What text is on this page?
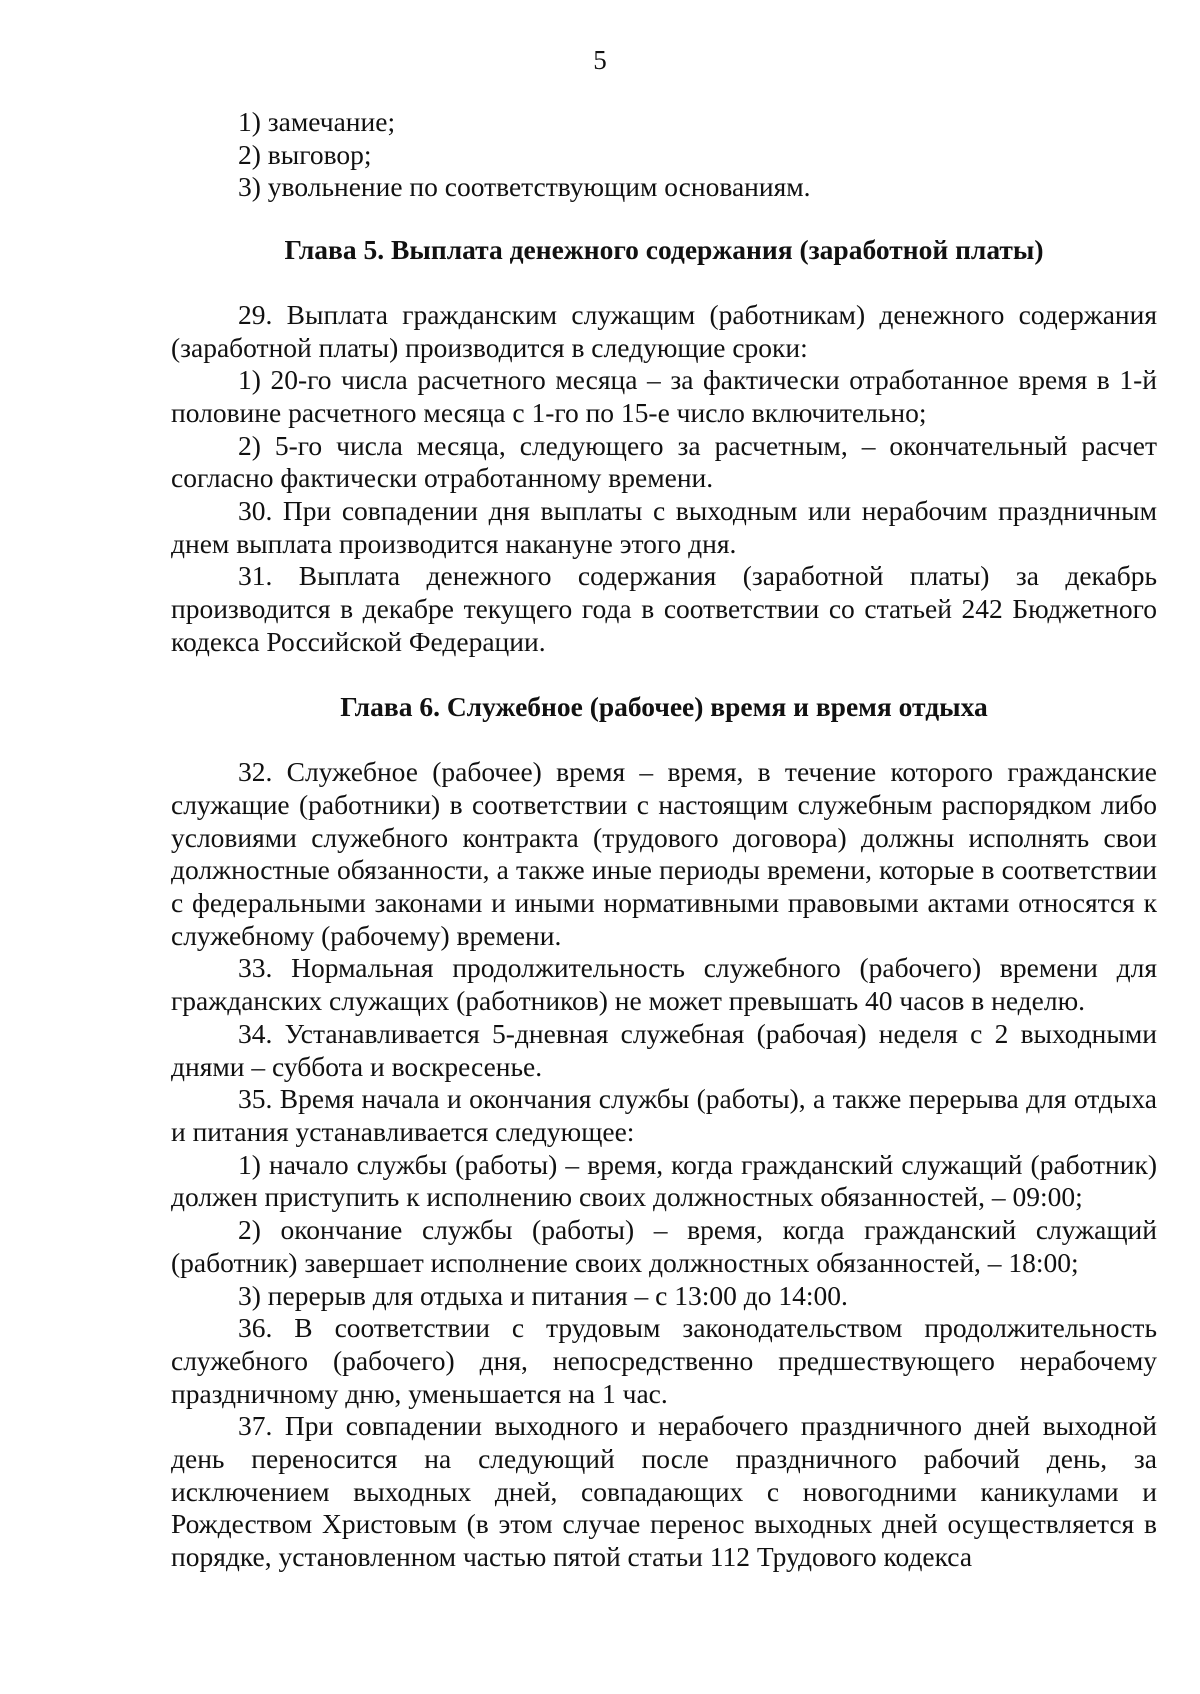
5

1) замечание;

2) выговор;

3) увольнение по соответствующим основаниям.

Глава 5. Выплата денежного содержания (заработной платы)

29. Выплата гражданским служащим (работникам) денежного содержания (заработной платы) производится в следующие сроки:

1) 20-го числа расчетного месяца – за фактически отработанное время в 1-й половине расчетного месяца с 1-го по 15-е число включительно;

2) 5-го числа месяца, следующего за расчетным, – окончательный расчет согласно фактически отработанному времени.

30. При совпадении дня выплаты с выходным или нерабочим праздничным днем выплата производится накануне этого дня.

31. Выплата денежного содержания (заработной платы) за декабрь производится в декабре текущего года в соответствии со статьей 242 Бюджетного кодекса Российской Федерации.

Глава 6. Служебное (рабочее) время и время отдыха

32. Служебное (рабочее) время – время, в течение которого гражданские служащие (работники) в соответствии с настоящим служебным распорядком либо условиями служебного контракта (трудового договора) должны исполнять свои должностные обязанности, а также иные периоды времени, которые в соответствии с федеральными законами и иными нормативными правовыми актами относятся к служебному (рабочему) времени.

33. Нормальная продолжительность служебного (рабочего) времени для гражданских служащих (работников) не может превышать 40 часов в неделю.

34. Устанавливается 5-дневная служебная (рабочая) неделя с 2 выходными днями – суббота и воскресенье.

35. Время начала и окончания службы (работы), а также перерыва для отдыха и питания устанавливается следующее:

1) начало службы (работы) – время, когда гражданский служащий (работник) должен приступить к исполнению своих должностных обязанностей, – 09:00;

2) окончание службы (работы) – время, когда гражданский служащий (работник) завершает исполнение своих должностных обязанностей, – 18:00;

3) перерыв для отдыха и питания – с 13:00 до 14:00.

36. В соответствии с трудовым законодательством продолжительность служебного (рабочего) дня, непосредственно предшествующего нерабочему праздничному дню, уменьшается на 1 час.

37. При совпадении выходного и нерабочего праздничного дней выходной день переносится на следующий после праздничного рабочий день, за исключением выходных дней, совпадающих с новогодними каникулами и Рождеством Христовым (в этом случае перенос выходных дней осуществляется в порядке, установленном частью пятой статьи 112 Трудового кодекса
